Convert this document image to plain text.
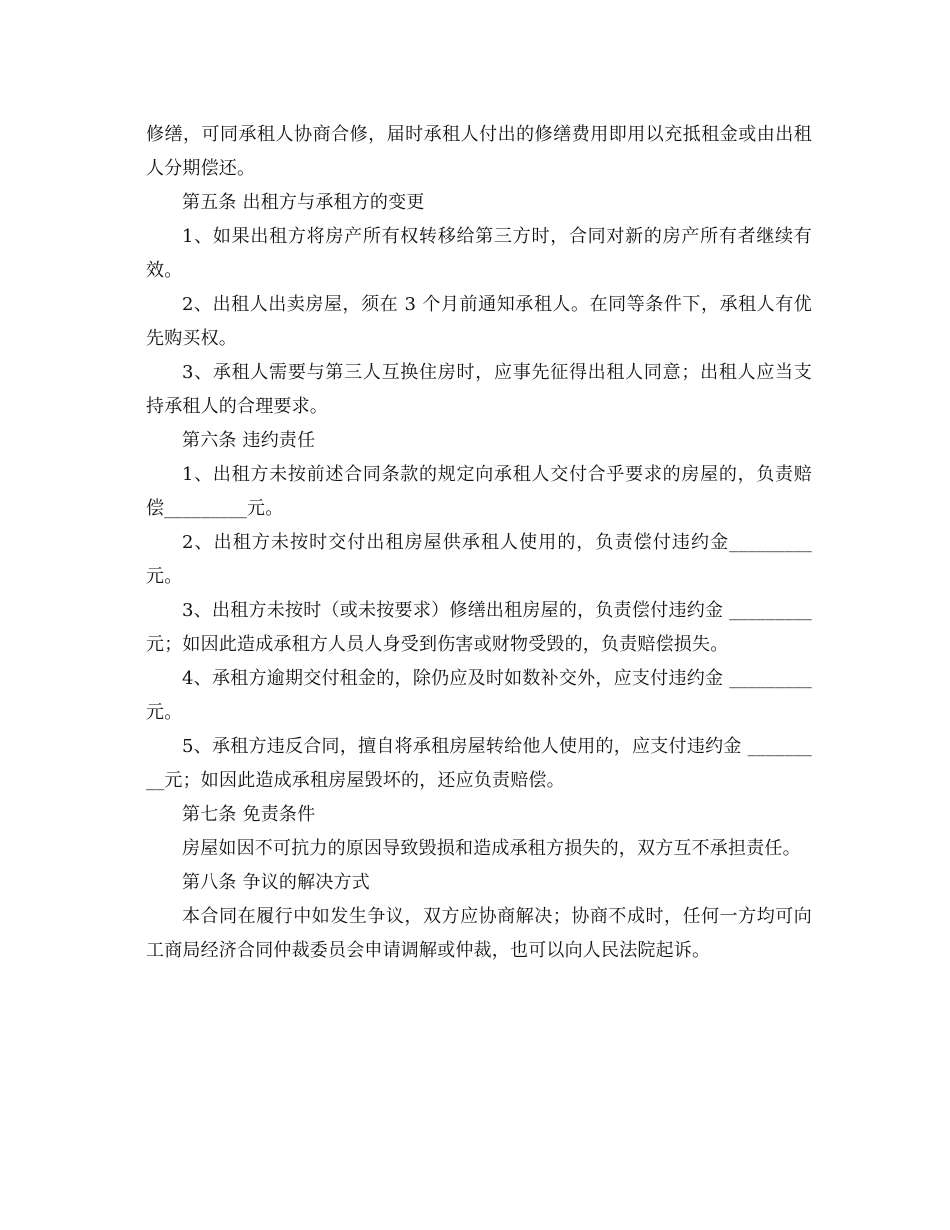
修缮，可同承租人协商合修，届时承租人付出的修缮费用即用以充抵租金或由出租人分期偿还。

第五条 出租方与承租方的变更

1、如果出租方将房产所有权转移给第三方时，合同对新的房产所有者继续有效。

2、出租人出卖房屋，须在 3 个月前通知承租人。在同等条件下，承租人有优先购买权。

3、承租人需要与第三人互换住房时，应事先征得出租人同意；出租人应当支持承租人的合理要求。

第六条 违约责任

1、出租方未按前述合同条款的规定向承租人交付合乎要求的房屋的，负责赔偿_________元。

2、出租方未按时交付出租房屋供承租人使用的，负责偿付违约金_________元。

3、出租方未按时（或未按要求）修缮出租房屋的，负责偿付违约金 _________元；如因此造成承租方人员人身受到伤害或财物受毁的，负责赔偿损失。

4、承租方逾期交付租金的，除仍应及时如数补交外，应支付违约金 _________元。

5、承租方违反合同，擅自将承租房屋转给他人使用的，应支付违约金 _________元；如因此造成承租房屋毁坏的，还应负责赔偿。

第七条 免责条件

房屋如因不可抗力的原因导致毁损和造成承租方损失的，双方互不承担责任。

第八条 争议的解决方式

本合同在履行中如发生争议，双方应协商解决；协商不成时，任何一方均可向工商局经济合同仲裁委员会申请调解或仲裁，也可以向人民法院起诉。
